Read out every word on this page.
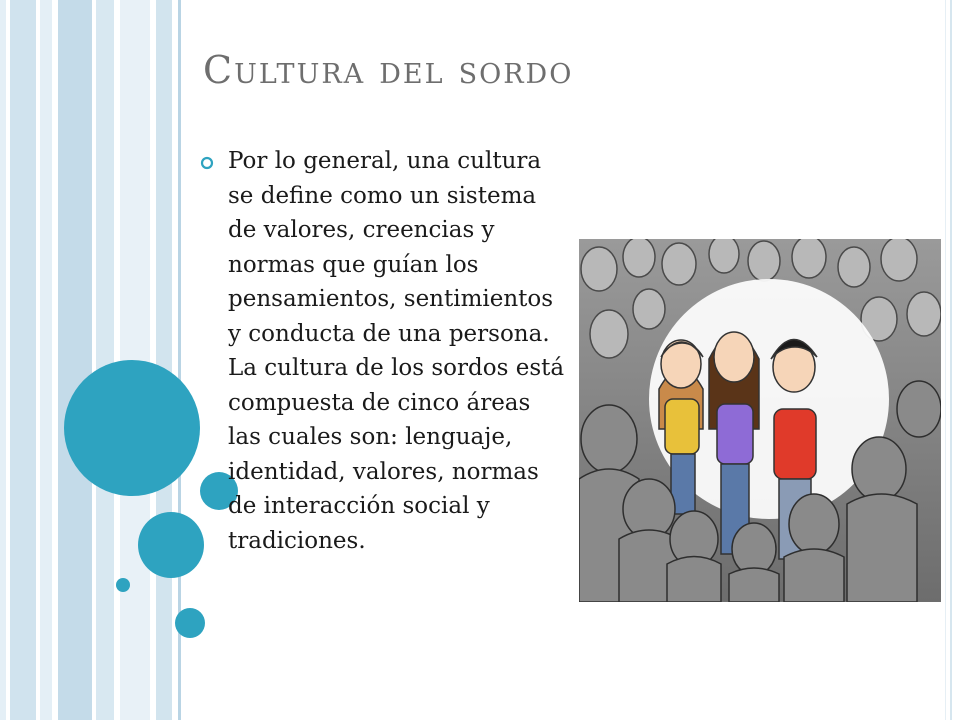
Cultura del sordo
Por lo general, una cultura se define como un sistema de valores, creencias y normas que guían los pensamientos, sentimientos y conducta de una persona. La cultura de los sordos está compuesta de cinco áreas las cuales son: lenguaje, identidad, valores, normas de interacción social y tradiciones.
